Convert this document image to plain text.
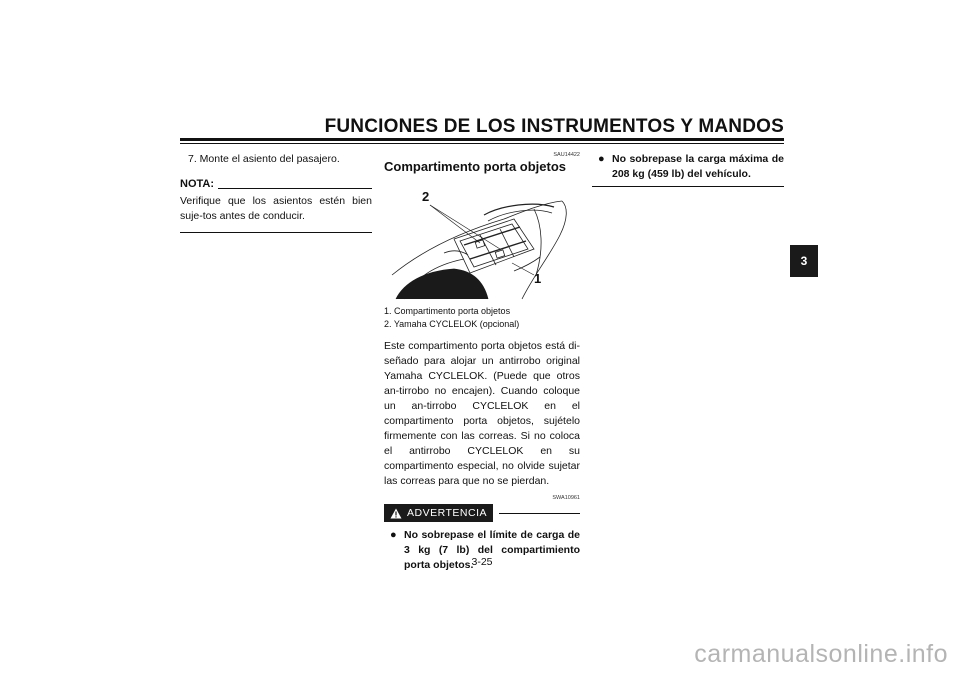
FUNCIONES DE LOS INSTRUMENTOS Y MANDOS
3
7. Monte el asiento del pasajero.
NOTA:
Verifique que los asientos estén bien suje-tos antes de conducir.
SAU14422
Compartimento porta objetos
2
1
1. Compartimento porta objetos
2. Yamaha CYCLELOK (opcional)
Este compartimento porta objetos está di-señado para alojar un antirrobo original Yamaha CYCLELOK. (Puede que otros an-tirrobo no encajen). Cuando coloque un an-tirrobo CYCLELOK en el compartimento porta objetos, sujételo firmemente con las correas. Si no coloca el antirrobo CYCLELOK en su compartimento especial, no olvide sujetar las correas para que no se pierdan.
SWA10961
ADVERTENCIA
● No sobrepase el límite de carga de 3 kg (7 lb) del compartimiento porta objetos.
● No sobrepase la carga máxima de 208 kg (459 lb) del vehículo.
3-25
carmanualsonline.info
